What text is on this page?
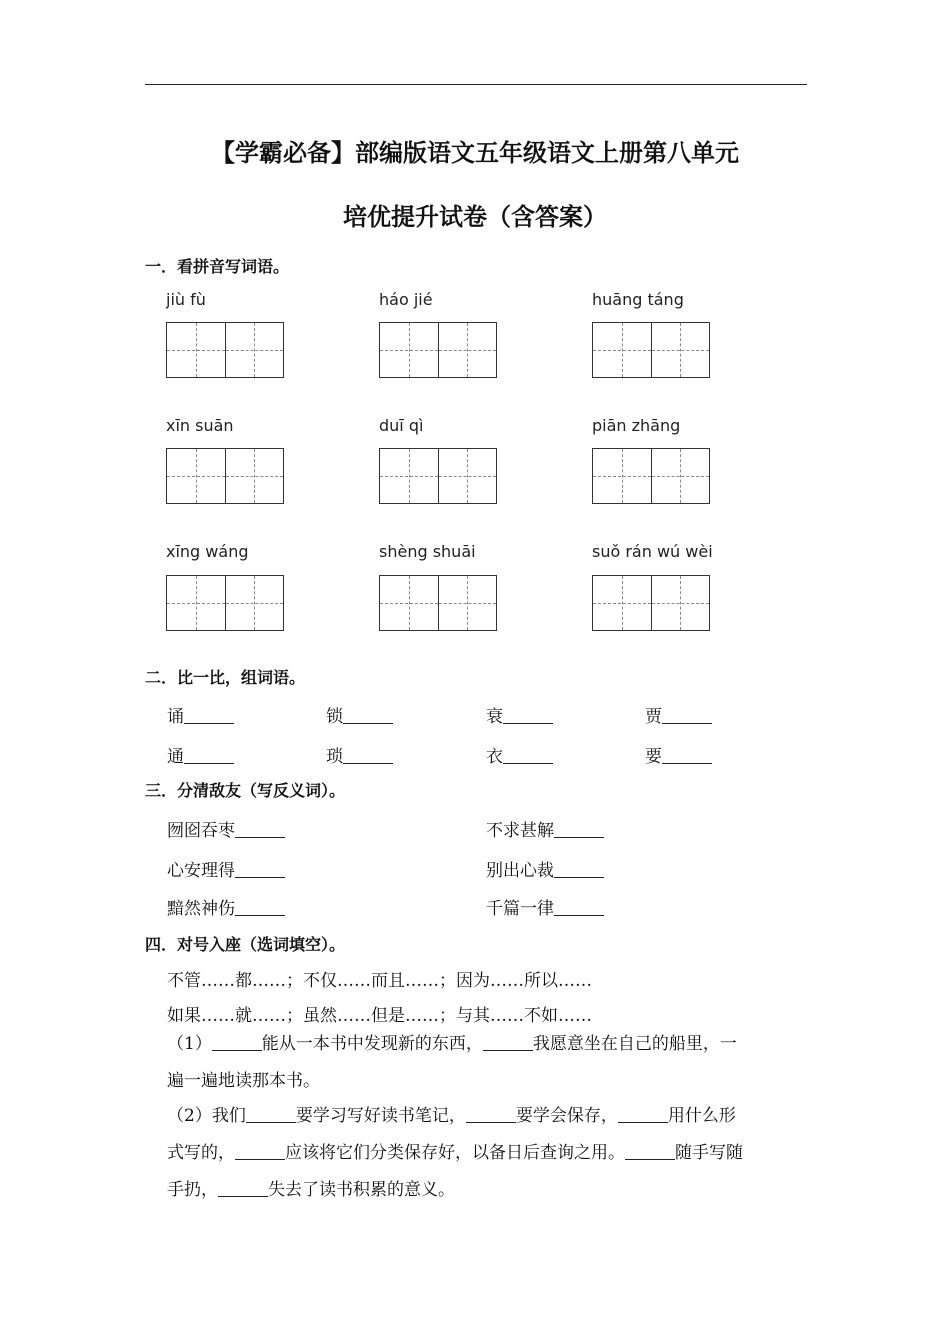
【学霸必备】部编版语文五年级语文上册第八单元
培优提升试卷（含答案）
一．看拼音写词语。
jiù fù	háo jié	huāng táng
xīn suān	duī qì	piān zhāng
xīng wáng	shèng shuāi	suǒ rán wú wèi
二．比一比，组词语。
诵	锁	衰	贾
通	琐	衣	要
三．分清敌友（写反义词）。
囫囵吞枣	不求甚解
心安理得	别出心裁
黯然神伤	千篇一律
四．对号入座（选词填空）。
不管……都……；不仅……而且……；因为……所以……
如果……就……；虽然……但是……；与其……不如……
（1）	能从一本书中发现新的东西，	我愿意坐在自己的船里，一
遍一遍地读那本书。
（2）我们	要学习写好读书笔记，	要学会保存，	用什么形
式写的，	应该将它们分类保存好，以备日后查询之用。	随手写随
手扔，	失去了读书积累的意义。
